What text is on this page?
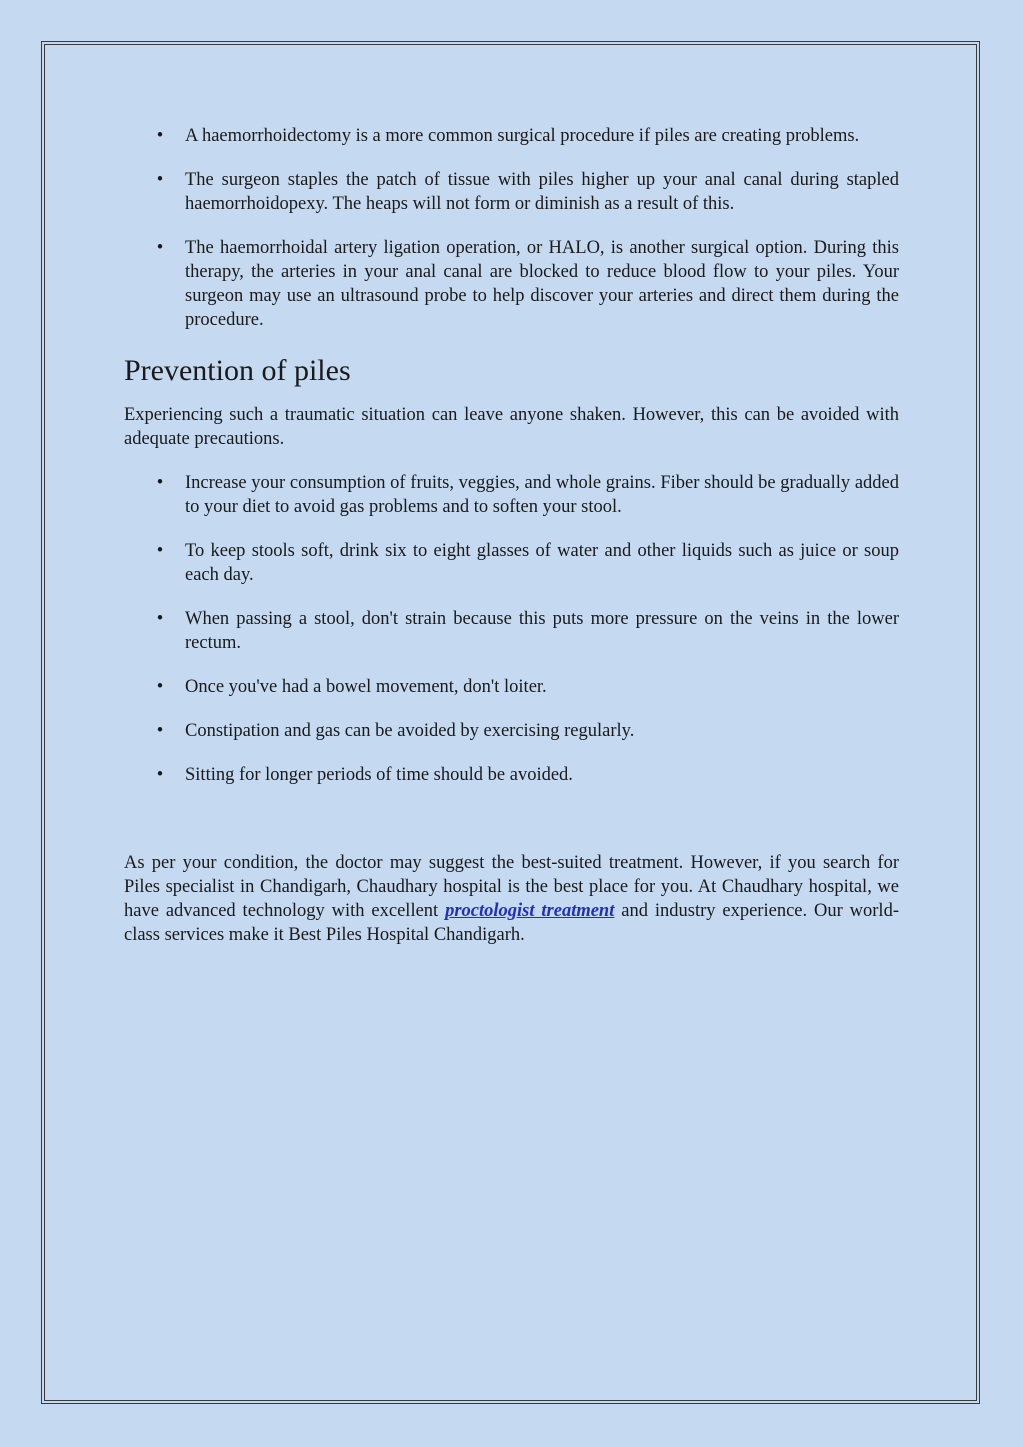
• A haemorrhoidectomy is a more common surgical procedure if piles are creating problems.
• The surgeon staples the patch of tissue with piles higher up your anal canal during stapled haemorrhoidopexy. The heaps will not form or diminish as a result of this.
• The haemorrhoidal artery ligation operation, or HALO, is another surgical option. During this therapy, the arteries in your anal canal are blocked to reduce blood flow to your piles. Your surgeon may use an ultrasound probe to help discover your arteries and direct them during the procedure.
Prevention of piles

Experiencing such a traumatic situation can leave anyone shaken. However, this can be avoided with adequate precautions.

• Increase your consumption of fruits, veggies, and whole grains. Fiber should be gradually added to your diet to avoid gas problems and to soften your stool.
• To keep stools soft, drink six to eight glasses of water and other liquids such as juice or soup each day.
• When passing a stool, don't strain because this puts more pressure on the veins in the lower rectum.
• Once you've had a bowel movement, don't loiter.
• Constipation and gas can be avoided by exercising regularly.
• Sitting for longer periods of time should be avoided.

As per your condition, the doctor may suggest the best-suited treatment. However, if you search for Piles specialist in Chandigarh, Chaudhary hospital is the best place for you. At Chaudhary hospital, we have advanced technology with excellent proctologist treatment and industry experience. Our world-class services make it Best Piles Hospital Chandigarh.
